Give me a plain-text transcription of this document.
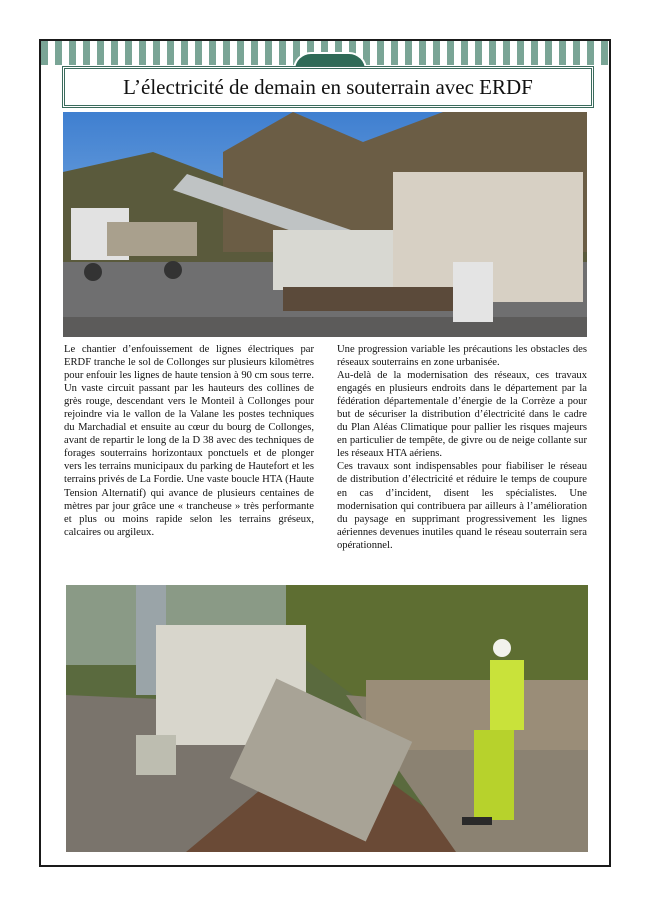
L’électricité de demain en souterrain avec ERDF

Le chantier d’enfouissement de lignes électriques par ERDF tranche le sol de Collonges sur plusieurs kilomètres pour enfouir les lignes de haute tension à 90 cm sous terre. Un vaste circuit passant par les hauteurs des collines de grès rouge, descendant vers le Monteil à Collonges pour rejoindre via le vallon de la Valane les postes techniques du Marchadial et ensuite au cœur du bourg de Collonges, avant de repartir le long de la D 38 avec des techniques de forages souterrains horizontaux ponctuels et de plonger vers les terrains municipaux du parking de Hautefort et les terrains privés de La Fordie. Une vaste boucle HTA (Haute Tension Alternatif) qui avance de plusieurs centaines de mètres par jour grâce une « trancheuse » très performante et plus ou moins rapide selon les terrains gréseux, calcaires ou argileux.

Une progression variable les précautions les obstacles des réseaux souterrains en zone urbanisée.

Au-delà de la modernisation des réseaux, ces travaux engagés en plusieurs endroits dans le département par la fédération départementale d’énergie de la Corrèze a pour but de sécuriser la distribution d’électricité dans le cadre du Plan Aléas Climatique pour pallier les risques majeurs en particulier de tempête, de givre ou de neige collante sur les réseaux HTA aériens.

Ces travaux sont indispensables pour fiabiliser le réseau de distribution d’électricité et réduire le temps de coupure en cas d’incident, disent les spécialistes. Une modernisation qui contribuera par ailleurs à l’amélioration du paysage en supprimant progressivement les lignes aériennes devenues inutiles quand le réseau souterrain sera opérationnel.
